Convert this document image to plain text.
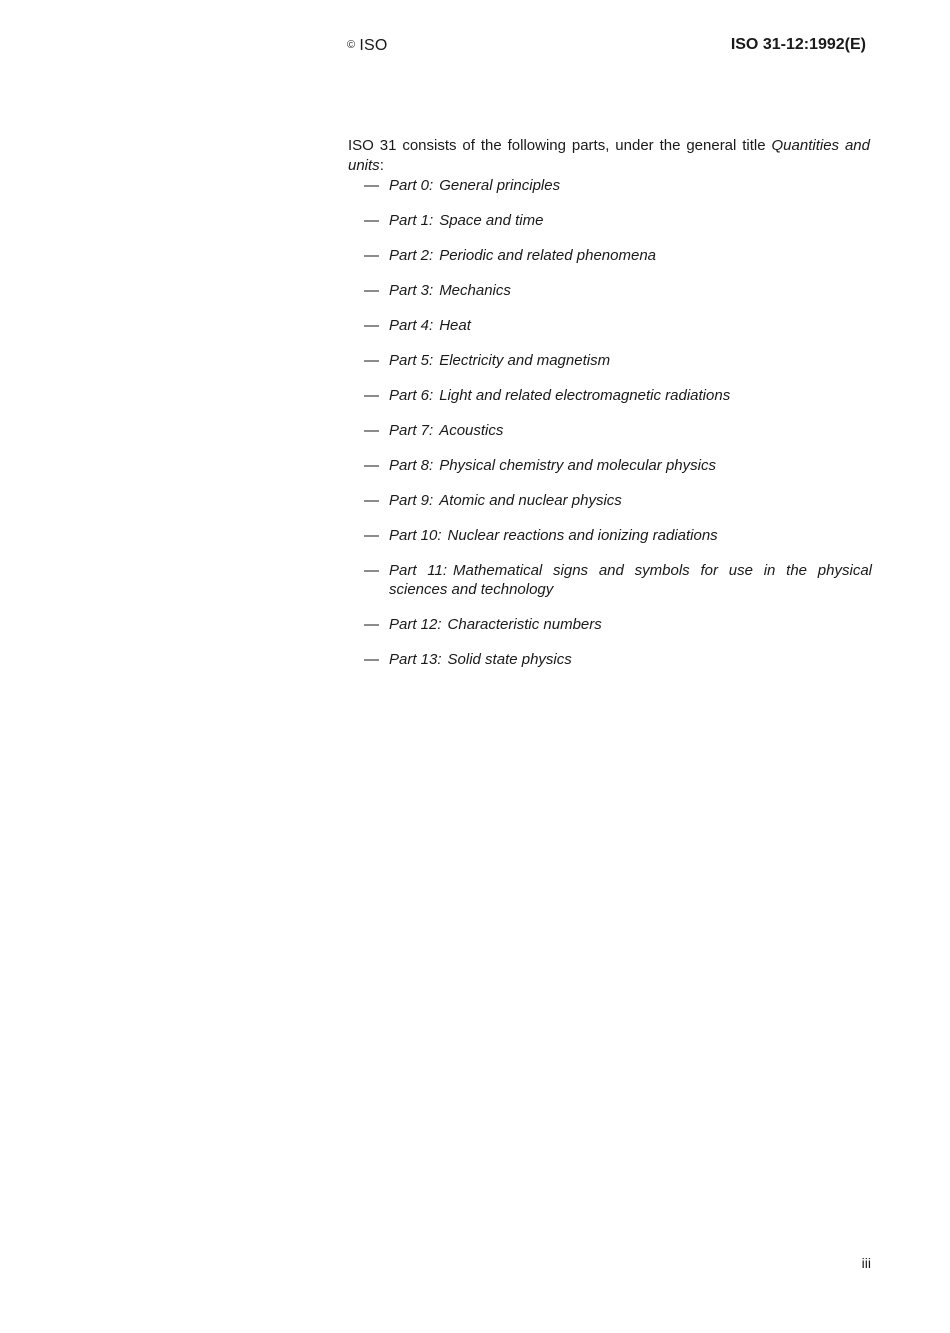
© ISO	ISO 31-12:1992(E)

ISO 31 consists of the following parts, under the general title Quantities and units:

— Part 0: General principles
— Part 1: Space and time
— Part 2: Periodic and related phenomena
— Part 3: Mechanics
— Part 4: Heat
— Part 5: Electricity and magnetism
— Part 6: Light and related electromagnetic radiations
— Part 7: Acoustics
— Part 8: Physical chemistry and molecular physics
— Part 9: Atomic and nuclear physics
— Part 10: Nuclear reactions and ionizing radiations
— Part 11: Mathematical signs and symbols for use in the physical sciences and technology
— Part 12: Characteristic numbers
— Part 13: Solid state physics
iii
